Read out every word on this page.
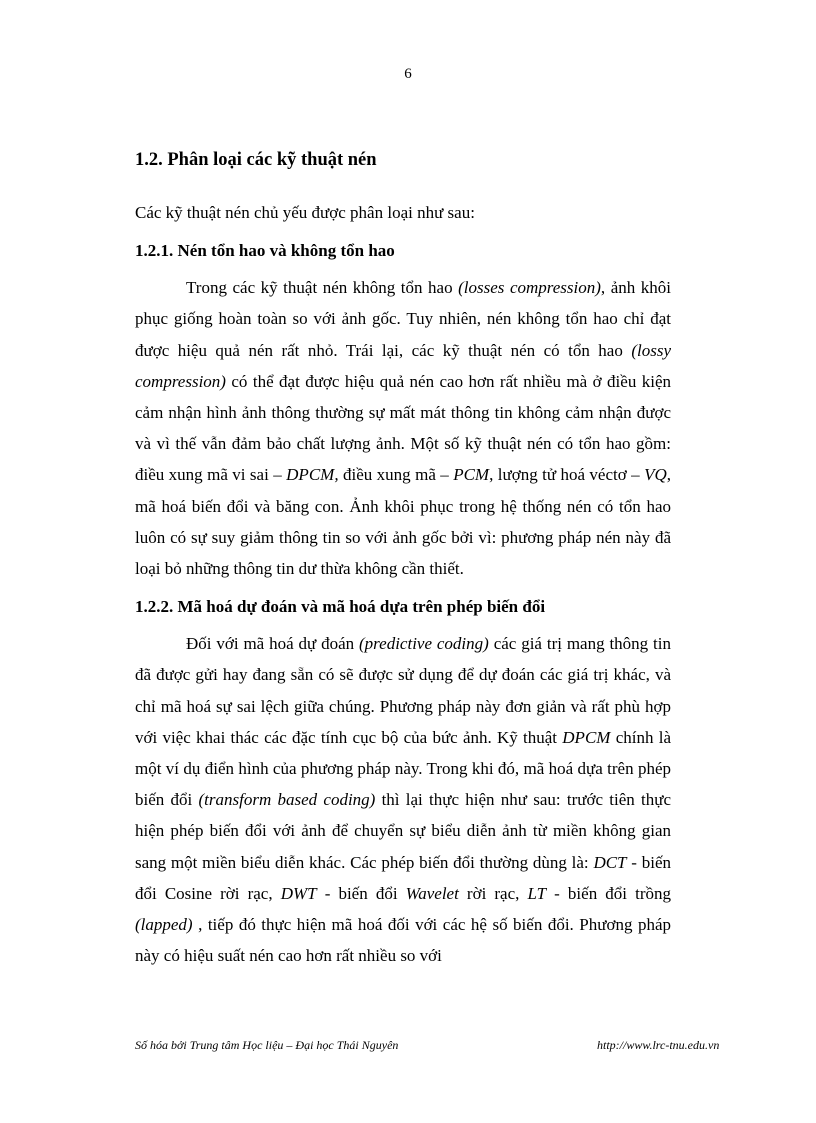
6
1.2. Phân loại các kỹ thuật nén

Các kỹ thuật nén chủ yếu được phân loại như sau:

1.2.1. Nén tổn hao và không tổn hao

Trong các kỹ thuật nén không tổn hao (losses compression), ảnh khôi phục giống hoàn toàn so với ảnh gốc. Tuy nhiên, nén không tổn hao chỉ đạt được hiệu quả nén rất nhỏ. Trái lại, các kỹ thuật nén có tổn hao (lossy compression) có thể đạt được hiệu quả nén cao hơn rất nhiều mà ở điều kiện cảm nhận hình ảnh thông thường sự mất mát thông tin không cảm nhận được và vì thế vẫn đảm bảo chất lượng ảnh. Một số kỹ thuật nén có tổn hao gồm: điều xung mã vi sai – DPCM, điều xung mã – PCM, lượng tử hoá véctơ – VQ, mã hoá biến đổi và băng con. Ảnh khôi phục trong hệ thống nén có tổn hao luôn có sự suy giảm thông tin so với ảnh gốc bởi vì: phương pháp nén này đã loại bỏ những thông tin dư thừa không cần thiết.

1.2.2. Mã hoá dự đoán và mã hoá dựa trên phép biến đổi

Đối với mã hoá dự đoán (predictive coding) các giá trị mang thông tin đã được gửi hay đang sẵn có sẽ được sử dụng để dự đoán các giá trị khác, và chỉ mã hoá sự sai lệch giữa chúng. Phương pháp này đơn giản và rất phù hợp với việc khai thác các đặc tính cục bộ của bức ảnh. Kỹ thuật DPCM chính là một ví dụ điển hình của phương pháp này. Trong khi đó, mã hoá dựa trên phép biến đổi (transform based coding) thì lại thực hiện như sau: trước tiên thực hiện phép biến đổi với ảnh để chuyển sự biểu diễn ảnh từ miền không gian sang một miền biểu diễn khác. Các phép biến đổi thường dùng là: DCT - biến đổi Cosine rời rạc, DWT - biến đổi Wavelet rời rạc, LT - biến đổi trồng (lapped) , tiếp đó thực hiện mã hoá đối với các hệ số biến đổi. Phương pháp này có hiệu suất nén cao hơn rất nhiều so với

Số hóa bởi Trung tâm Học liệu – Đại học Thái Nguyên	http://www.lrc-tnu.edu.vn
